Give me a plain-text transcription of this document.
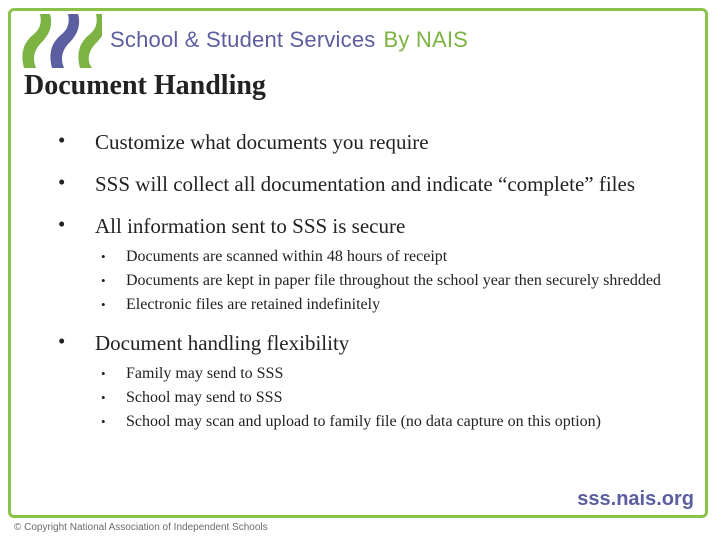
School & Student Services By NAIS
Document Handling
• Customize what documents you require
• SSS will collect all documentation and indicate “complete” files
• All information sent to SSS is secure
• Documents are scanned within 48 hours of receipt
• Documents are kept in paper file throughout the school year then securely shredded
• Electronic files are retained indefinitely
• Document handling flexibility
• Family may send to SSS
• School may send to SSS
• School may scan and upload to family file (no data capture on this option)
sss.nais.org
© Copyright National Association of Independent Schools
